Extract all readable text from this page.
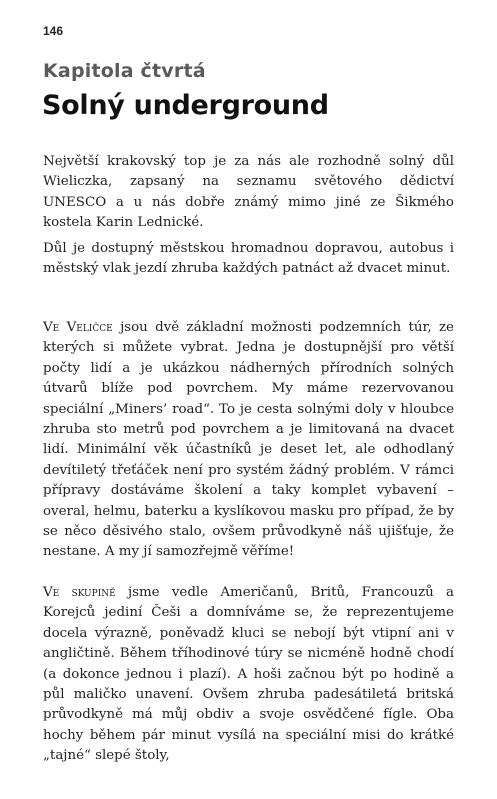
146
Kapitola čtvrtá
Solný underground

Největší krakovský top je za nás ale rozhodně solný důl Wieliczka, zapsaný na seznamu světového dědictví UNESCO a u nás dobře známý mimo jiné ze Šikmého kostela Karin Lednické.

Důl je dostupný městskou hromadnou dopravou, autobus i městský vlak jezdí zhruba každých patnáct až dvacet minut.

Ve Veličce jsou dvě základní možnosti podzemních túr, ze kterých si můžete vybrat. Jedna je dostupnější pro větší počty lidí a je ukázkou nádherných přírodních solných útvarů blíže pod povrchem. My máme rezervovanou speciální „Miners’ road“. To je cesta solnými doly v hloubce zhruba sto metrů pod povrchem a je limitovaná na dvacet lidí. Minimální věk účastníků je deset let, ale odhodlaný devítiletý třeťáček není pro systém žádný problém. V rámci přípravy dostáváme školení a taky komplet vybavení – overal, helmu, baterku a kyslíkovou masku pro případ, že by se něco děsivého stalo, ovšem průvodkyně náš ujišťuje, že nestane. A my jí samozřejmě věříme!

Ve skupině jsme vedle Američanů, Britů, Francouzů a Korejců jediní Češi a domníváme se, že reprezentujeme docela výrazně, poněvadž kluci se nebojí být vtipní ani v angličtině. Během tříhodinové túry se nicméně hodně chodí (a dokonce jednou i plazí). A hoši začnou být po hodině a půl maličko unavení. Ovšem zhruba padesátiletá britská průvodkyně má můj obdiv a svoje osvědčené fígle. Oba hochy během pár minut vysílá na speciální misi do krátké „tajné“ slepé štoly,
